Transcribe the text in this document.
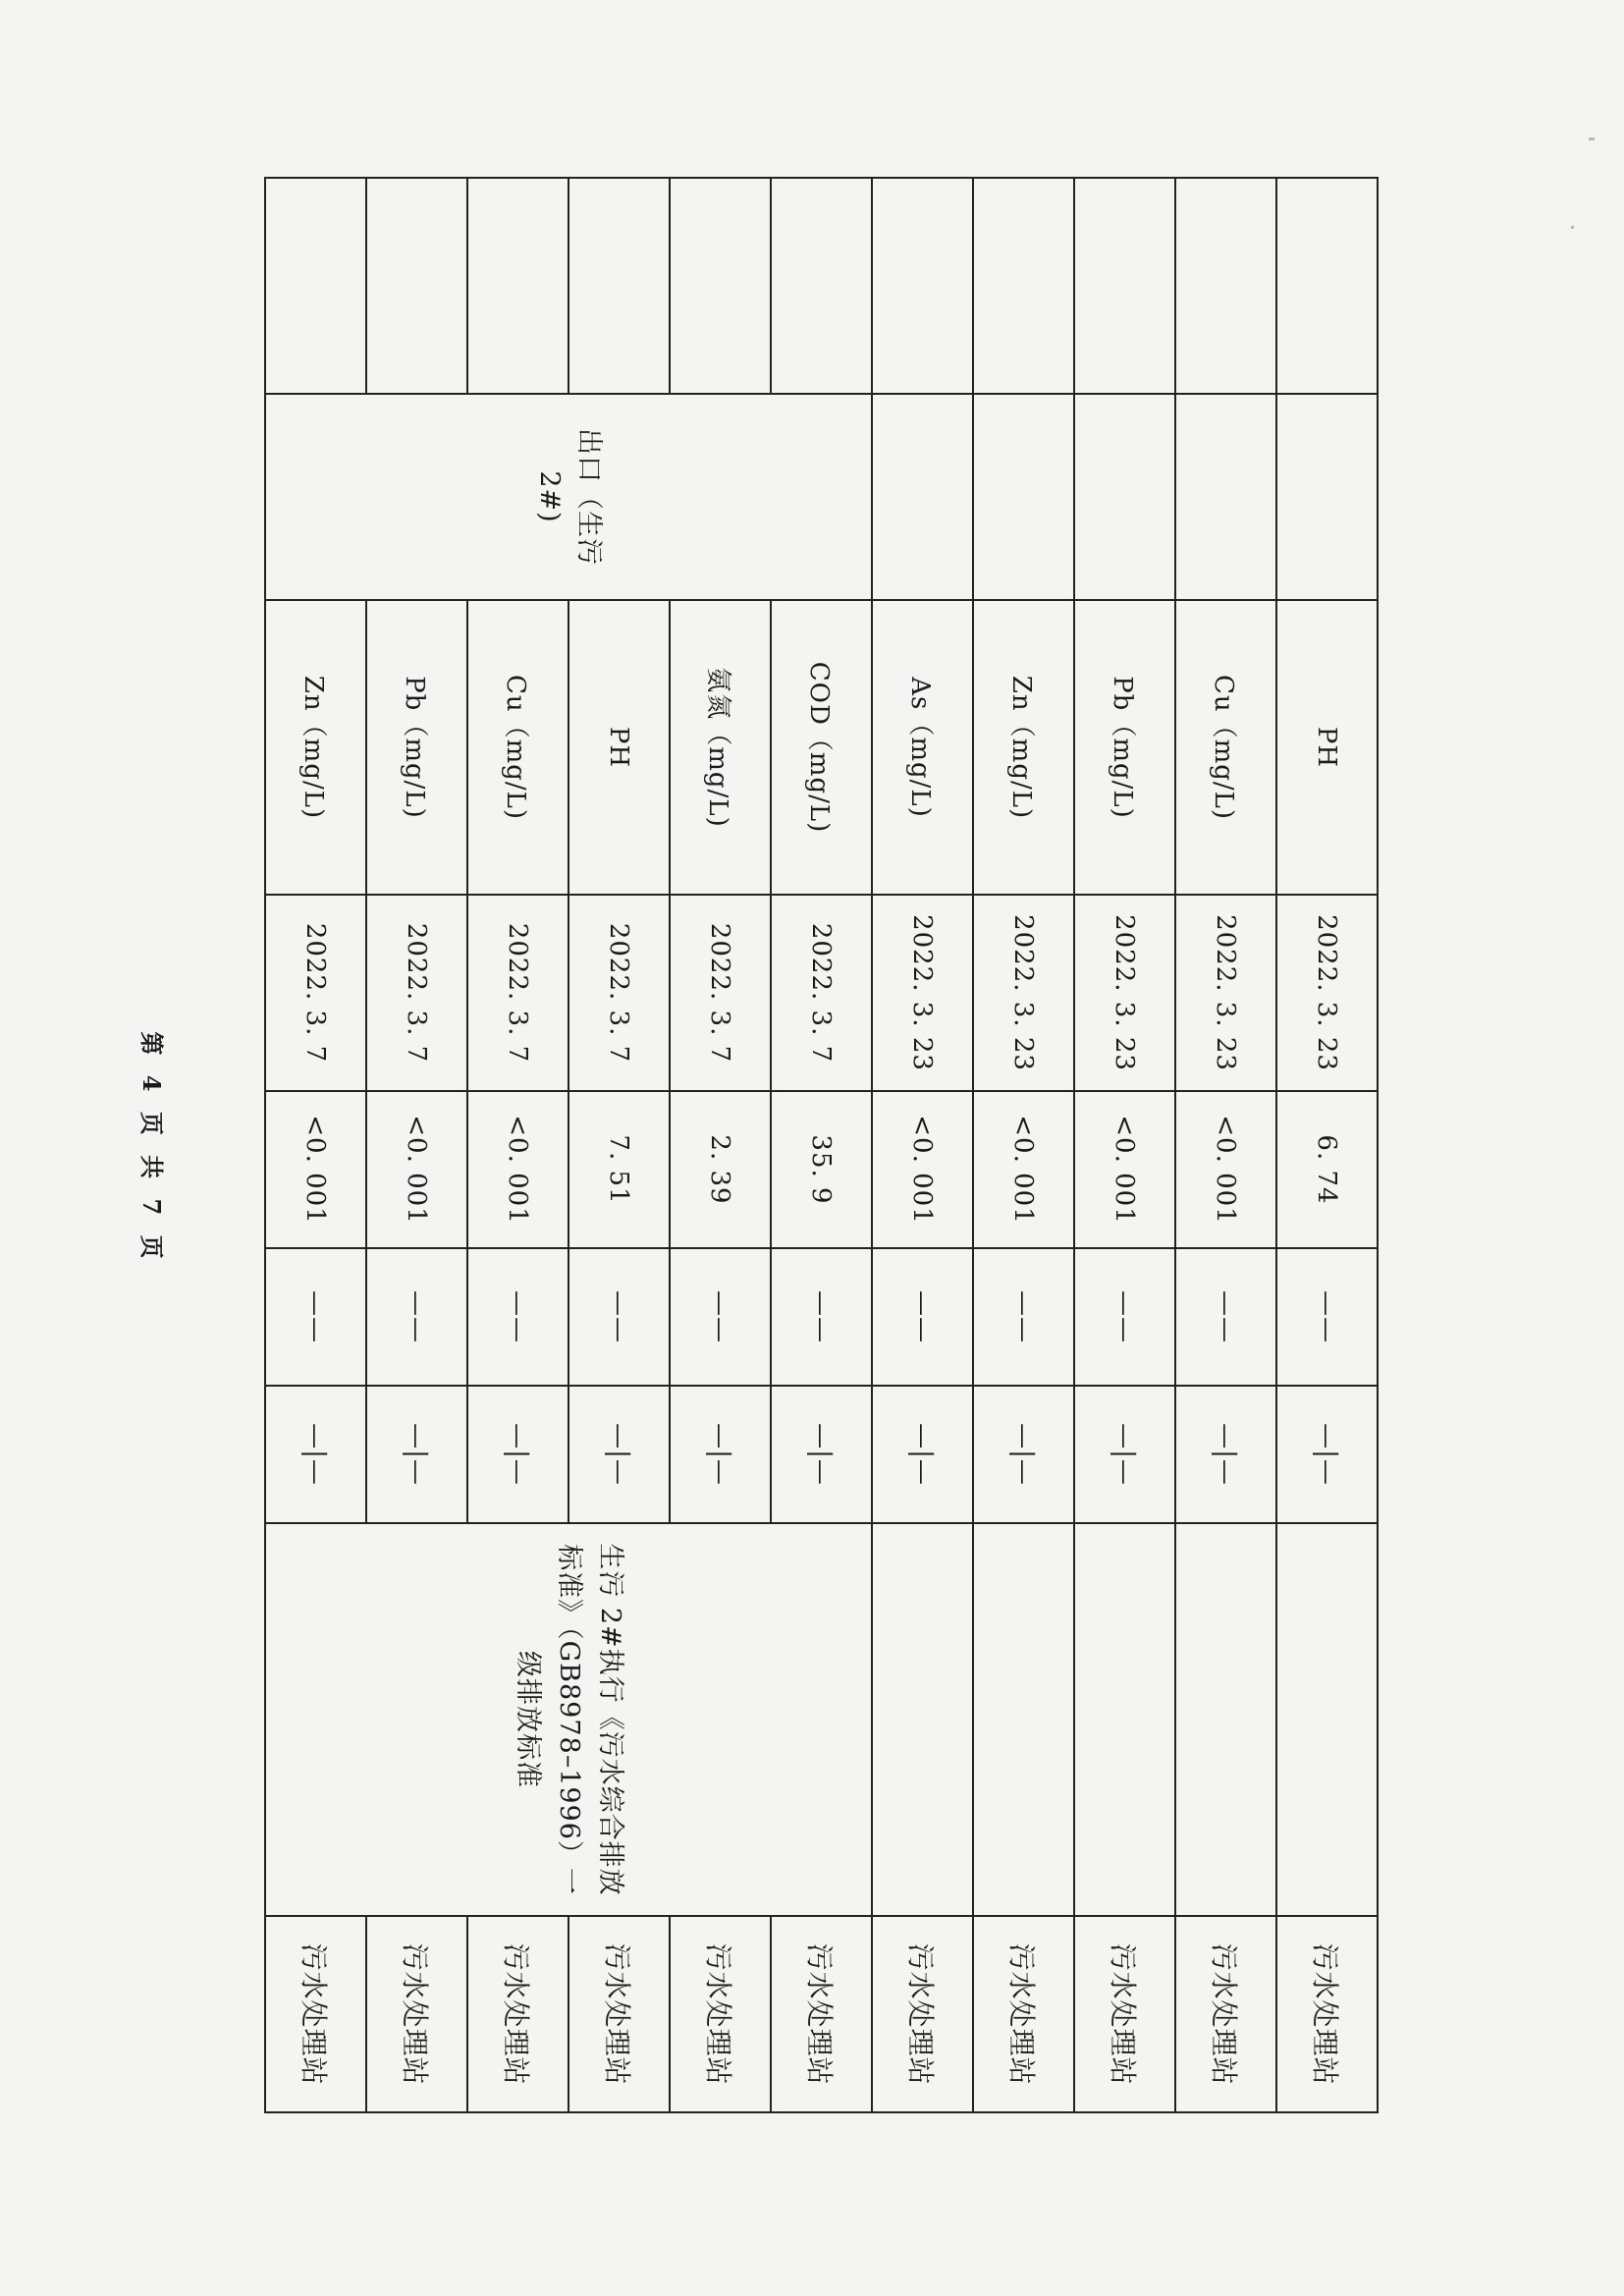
		PH	2022. 3. 23	6. 74	——	—|—		污水处理站
		Cu（mg/L)	2022. 3. 23	<0. 001	——	—|—		污水处理站
		Pb（mg/L)	2022. 3. 23	<0. 001	——	—|—		污水处理站
		Zn（mg/L)	2022. 3. 23	<0. 001	——	—|—		污水处理站
		As（mg/L)	2022. 3. 23	<0. 001	——	—|—		污水处理站
	出口（生污2#)	COD（mg/L)	2022. 3. 7	35. 9	——	—|—	生污 2#执行《污水综合排放标准》（GB8978–1996）一级排放标准	污水处理站
		氨氮（mg/L)	2022. 3. 7	2. 39	——	—|—		污水处理站
		PH	2022. 3. 7	7. 51	——	—|—		污水处理站
		Cu（mg/L)	2022. 3. 7	<0. 001	——	—|—		污水处理站
		Pb（mg/L)	2022. 3. 7	<0. 001	——	—|—		污水处理站
		Zn（mg/L)	2022. 3. 7	<0. 001	——	—|—		污水处理站
第 4 页 共 7 页
